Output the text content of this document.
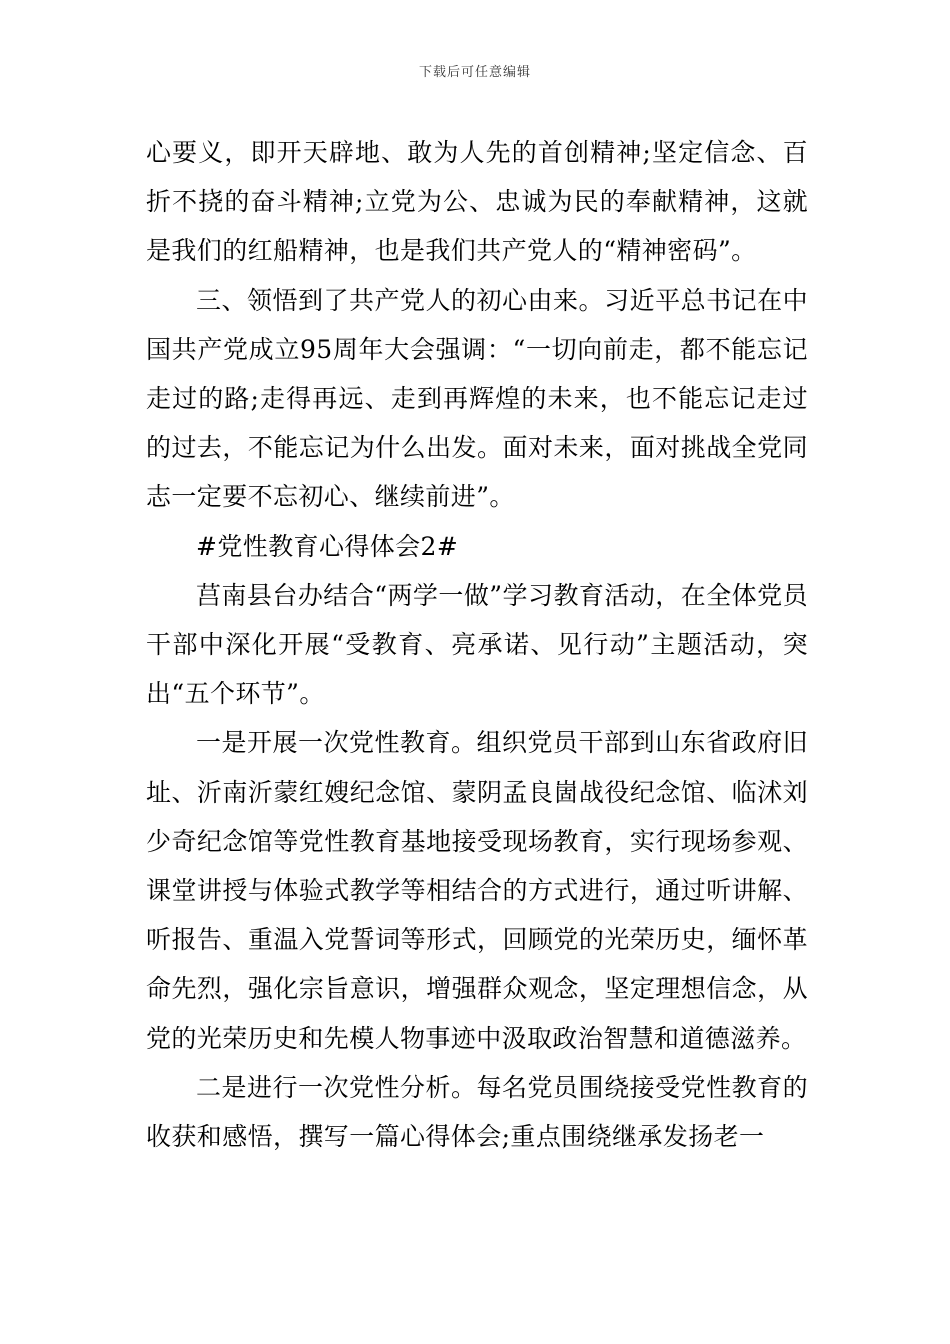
下载后可任意编辑

心要义，即开天辟地、敢为人先的首创精神;坚定信念、百折不挠的奋斗精神;立党为公、忠诚为民的奉献精神，这就是我们的红船精神，也是我们共产党人的“精神密码”。

三、领悟到了共产党人的初心由来。习近平总书记在中国共产党成立95周年大会强调：“一切向前走，都不能忘记走过的路;走得再远、走到再辉煌的未来，也不能忘记走过的过去，不能忘记为什么出发。面对未来，面对挑战全党同志一定要不忘初心、继续前进”。

#党性教育心得体会2#

莒南县台办结合“两学一做”学习教育活动，在全体党员干部中深化开展“受教育、亮承诺、见行动”主题活动，突出“五个环节”。

一是开展一次党性教育。组织党员干部到山东省政府旧址、沂南沂蒙红嫂纪念馆、蒙阴孟良崮战役纪念馆、临沭刘少奇纪念馆等党性教育基地接受现场教育，实行现场参观、课堂讲授与体验式教学等相结合的方式进行，通过听讲解、听报告、重温入党誓词等形式，回顾党的光荣历史，缅怀革命先烈，强化宗旨意识，增强群众观念，坚定理想信念，从党的光荣历史和先模人物事迹中汲取政治智慧和道德滋养。

二是进行一次党性分析。每名党员围绕接受党性教育的收获和感悟，撰写一篇心得体会;重点围绕继承发扬老一
